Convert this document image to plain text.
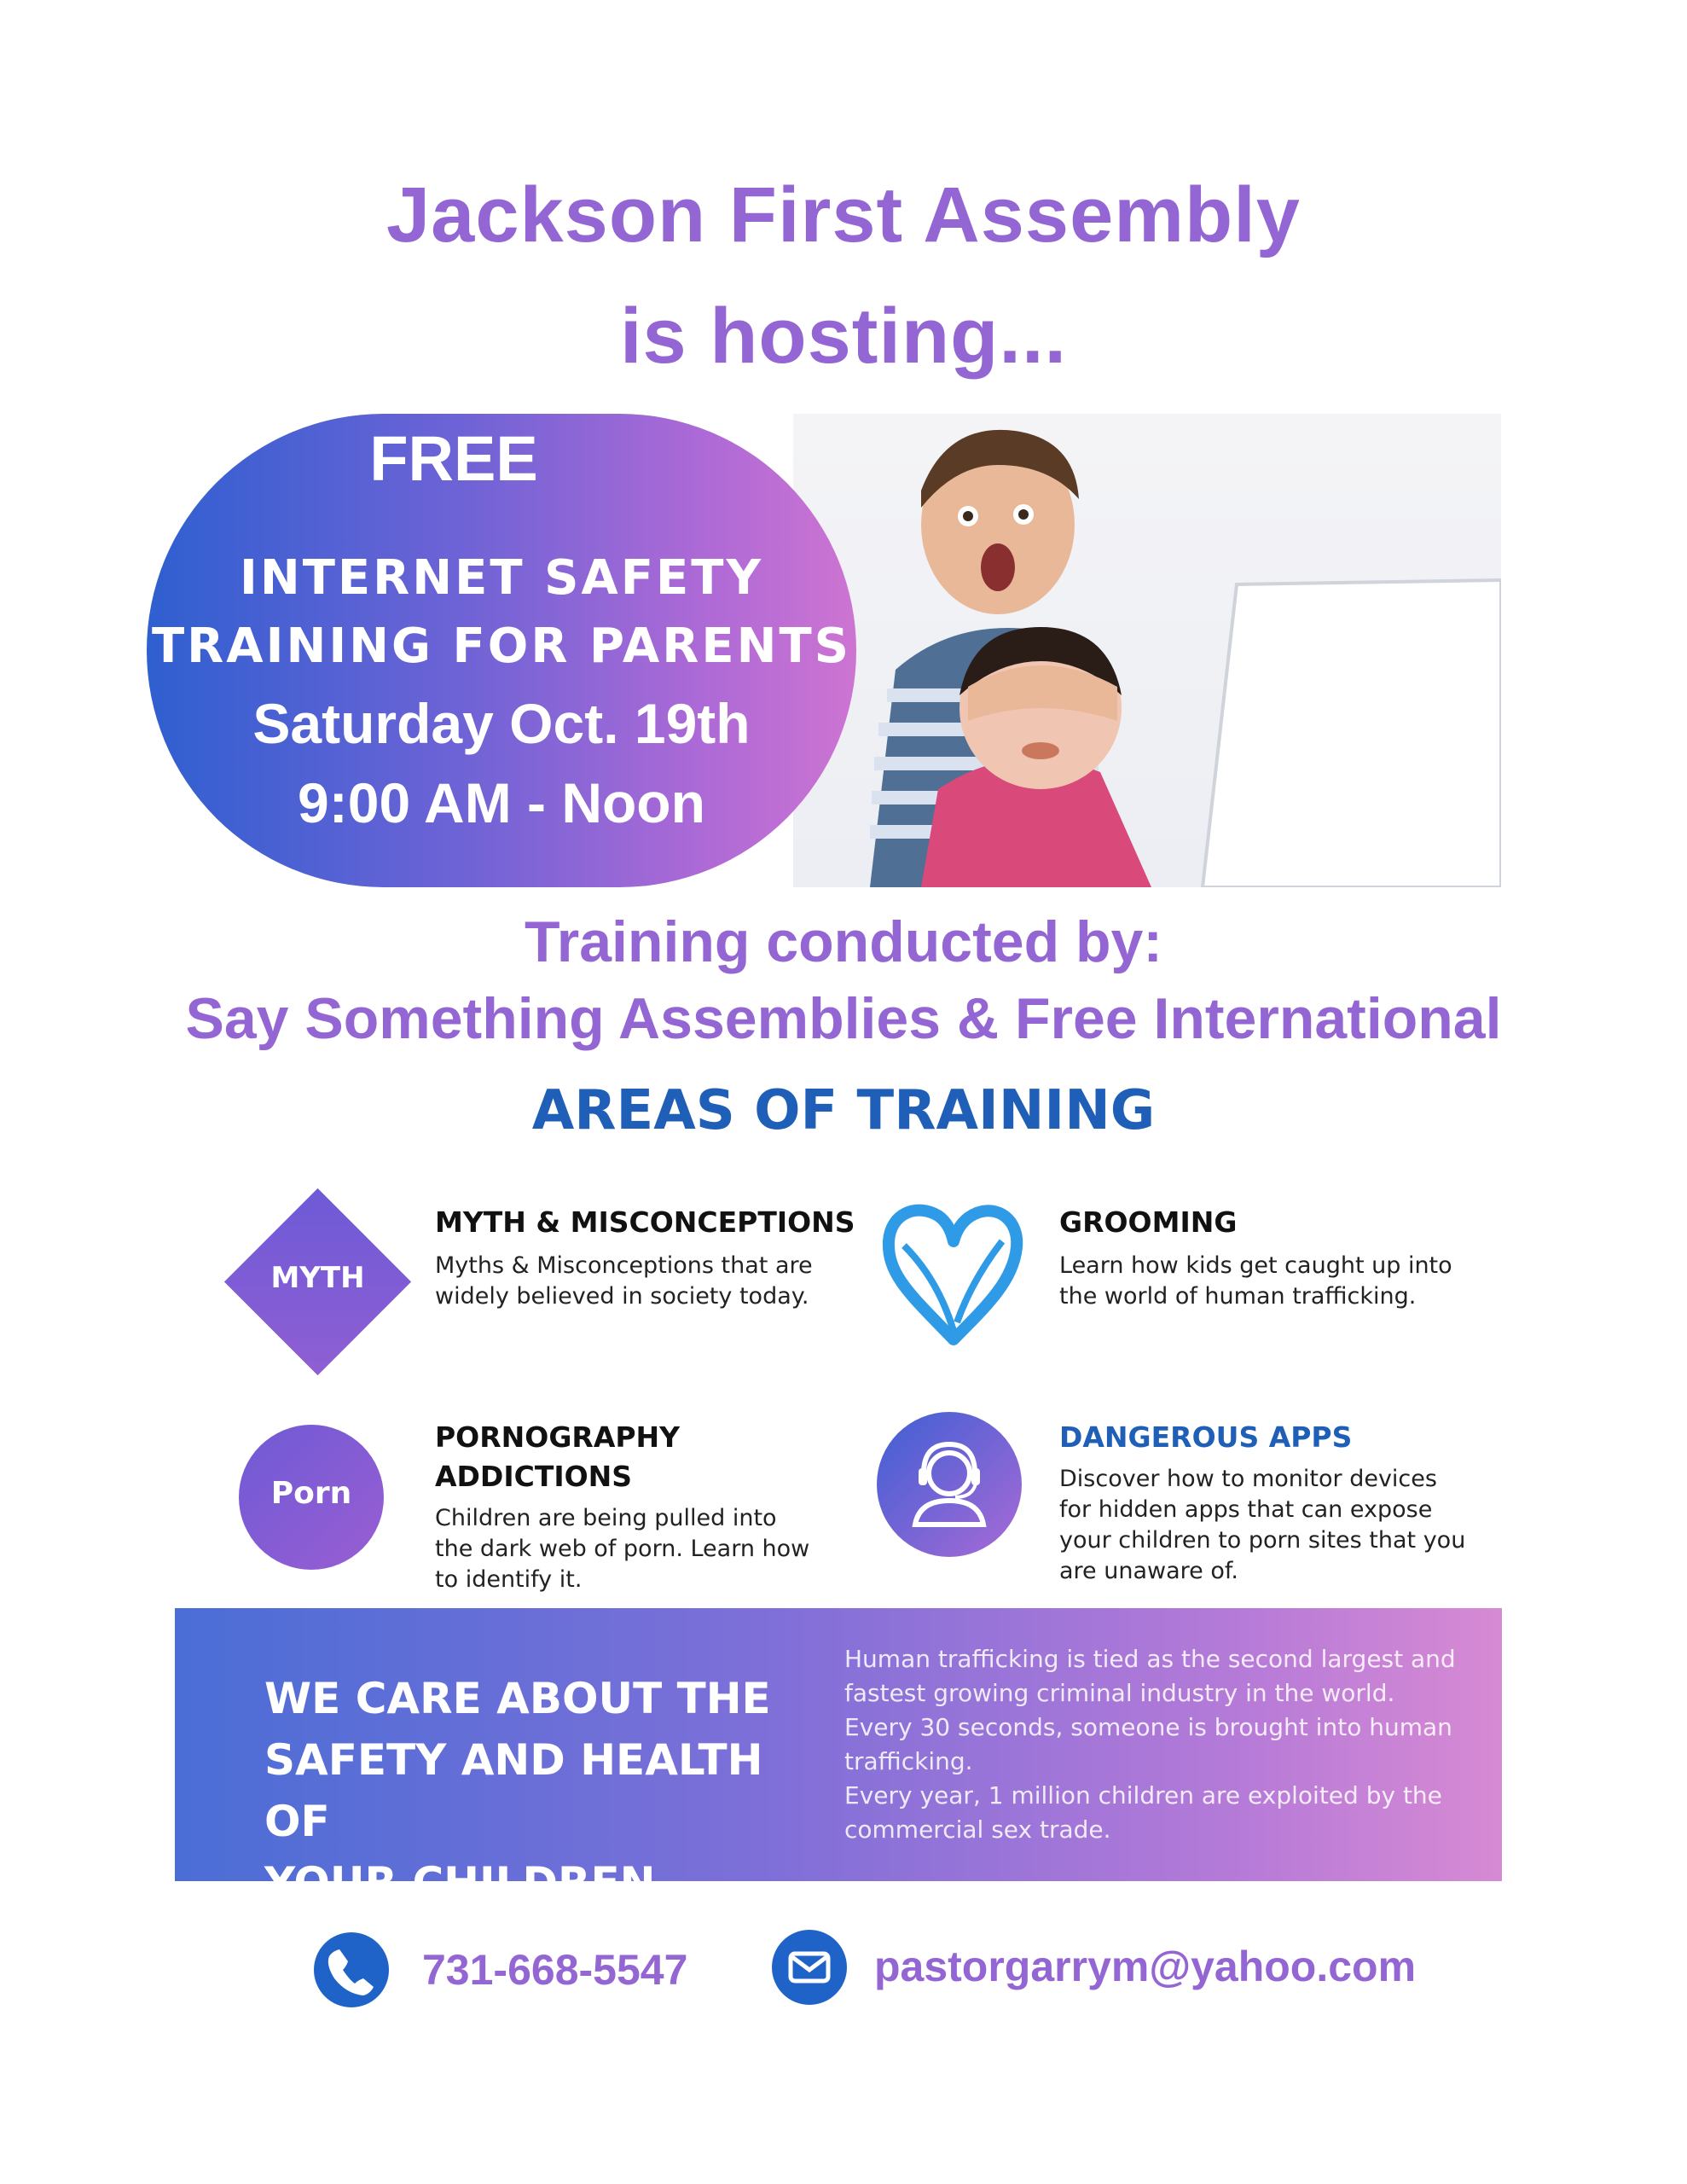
Jackson First Assembly
is hosting...
FREE
INTERNET SAFETY
TRAINING FOR PARENTS
Saturday Oct. 19th
9:00 AM - Noon
Training conducted by:
Say Something Assemblies & Free International
AREAS OF TRAINING
MYTH
MYTH & MISCONCEPTIONS
Myths & Misconceptions that are
widely believed in society today.
GROOMING
Learn how kids get caught up into
the world of human trafficking.
Porn
PORNOGRAPHY
ADDICTIONS
Children are being pulled into
the dark web of porn. Learn how
to identify it.
DANGEROUS APPS
Discover how to monitor devices
for hidden apps that can expose
your children to porn sites that you
are unaware of.
WE CARE ABOUT THE
SAFETY AND HEALTH OF
YOUR CHILDREN

Human trafficking is tied as the second largest and fastest growing criminal industry in the world.

Every 30 seconds, someone is brought into human trafficking.

Every year, 1 million children are exploited by the commercial sex trade.

731-668-5547	pastorgarrym@yahoo.com
